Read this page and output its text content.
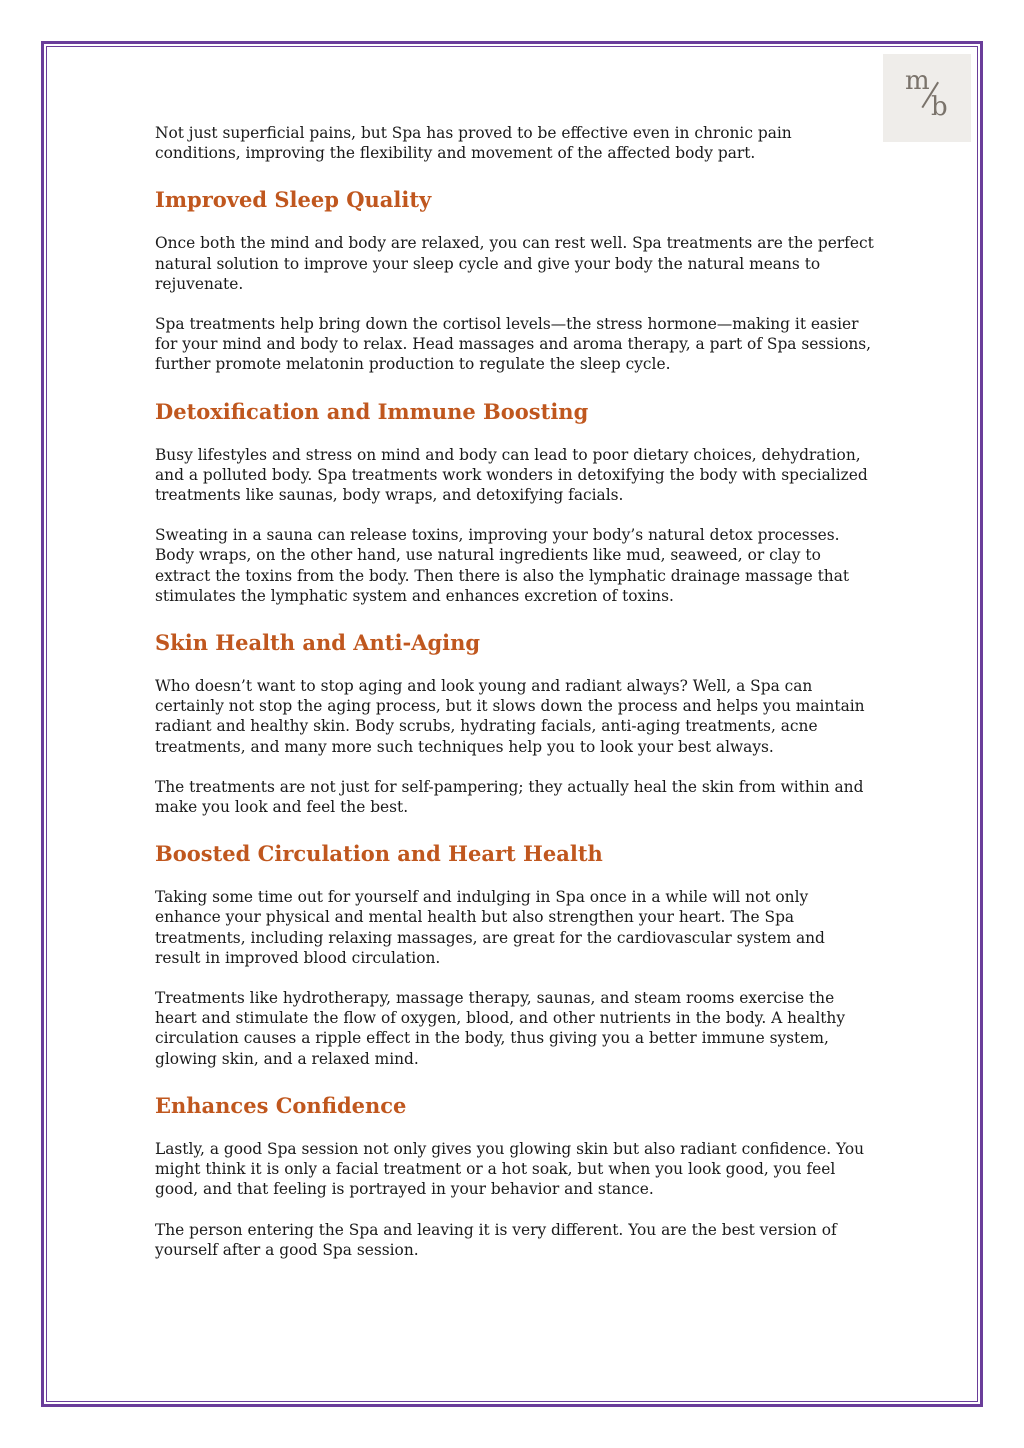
m
b

Not just superficial pains, but Spa has proved to be effective even in chronic pain conditions, improving the flexibility and movement of the affected body part.

Improved Sleep Quality

Once both the mind and body are relaxed, you can rest well. Spa treatments are the perfect natural solution to improve your sleep cycle and give your body the natural means to rejuvenate.

Spa treatments help bring down the cortisol levels—the stress hormone—making it easier for your mind and body to relax. Head massages and aroma therapy, a part of Spa sessions, further promote melatonin production to regulate the sleep cycle.

Detoxification and Immune Boosting

Busy lifestyles and stress on mind and body can lead to poor dietary choices, dehydration, and a polluted body. Spa treatments work wonders in detoxifying the body with specialized treatments like saunas, body wraps, and detoxifying facials.

Sweating in a sauna can release toxins, improving your body’s natural detox processes. Body wraps, on the other hand, use natural ingredients like mud, seaweed, or clay to extract the toxins from the body. Then there is also the lymphatic drainage massage that stimulates the lymphatic system and enhances excretion of toxins.

Skin Health and Anti-Aging

Who doesn’t want to stop aging and look young and radiant always? Well, a Spa can certainly not stop the aging process, but it slows down the process and helps you maintain radiant and healthy skin. Body scrubs, hydrating facials, anti-aging treatments, acne treatments, and many more such techniques help you to look your best always.

The treatments are not just for self-pampering; they actually heal the skin from within and make you look and feel the best.

Boosted Circulation and Heart Health

Taking some time out for yourself and indulging in Spa once in a while will not only enhance your physical and mental health but also strengthen your heart. The Spa treatments, including relaxing massages, are great for the cardiovascular system and result in improved blood circulation.

Treatments like hydrotherapy, massage therapy, saunas, and steam rooms exercise the heart and stimulate the flow of oxygen, blood, and other nutrients in the body. A healthy circulation causes a ripple effect in the body, thus giving you a better immune system, glowing skin, and a relaxed mind.

Enhances Confidence

Lastly, a good Spa session not only gives you glowing skin but also radiant confidence. You might think it is only a facial treatment or a hot soak, but when you look good, you feel good, and that feeling is portrayed in your behavior and stance.

The person entering the Spa and leaving it is very different. You are the best version of yourself after a good Spa session.
